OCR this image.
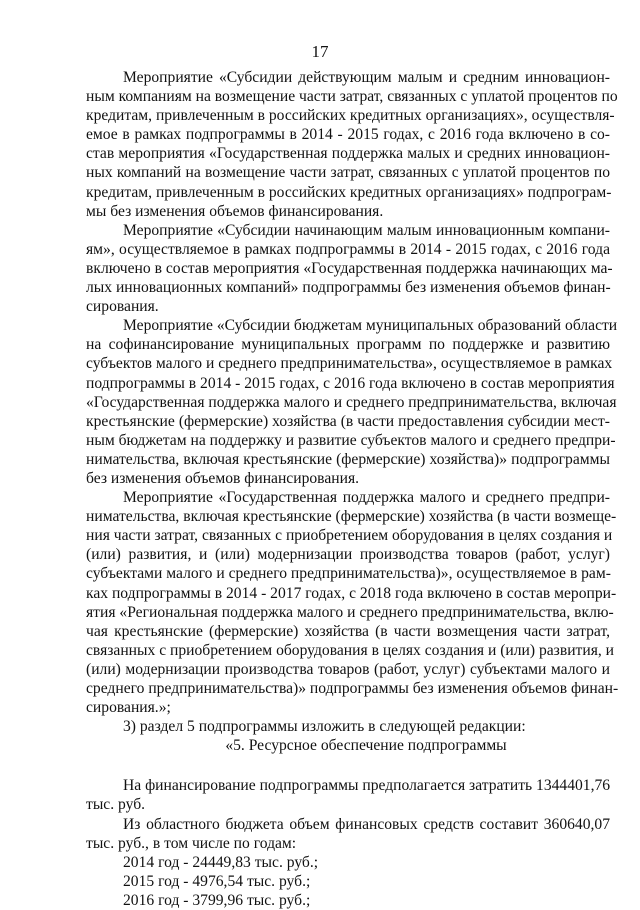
17
Мероприятие «Субсидии действующим малым и средним инновацион-
ным компаниям на возмещение части затрат, связанных с уплатой процентов по
кредитам, привлеченным в российских кредитных организациях», осуществля-
емое в рамках подпрограммы в 2014 - 2015 годах, с 2016 года включено в со-
став мероприятия «Государственная поддержка малых и средних инновацион-
ных компаний на возмещение части затрат, связанных с уплатой процентов по
кредитам, привлеченным в российских кредитных организациях» подпрограм-
мы без изменения объемов финансирования.
Мероприятие «Субсидии начинающим малым инновационным компани-
ям», осуществляемое в рамках подпрограммы в 2014 - 2015 годах, с 2016 года
включено в состав мероприятия «Государственная поддержка начинающих ма-
лых инновационных компаний» подпрограммы без изменения объемов финан-
сирования.
Мероприятие «Субсидии бюджетам муниципальных образований области
на софинансирование муниципальных программ по поддержке и развитию
субъектов малого и среднего предпринимательства», осуществляемое в рамках
подпрограммы в 2014 - 2015 годах, с 2016 года включено в состав мероприятия
«Государственная поддержка малого и среднего предпринимательства, включая
крестьянские (фермерские) хозяйства (в части предоставления субсидии мест-
ным бюджетам на поддержку и развитие субъектов малого и среднего предпри-
нимательства, включая крестьянские (фермерские) хозяйства)» подпрограммы
без изменения объемов финансирования.
Мероприятие «Государственная поддержка малого и среднего предпри-
нимательства, включая крестьянские (фермерские) хозяйства (в части возмеще-
ния части затрат, связанных с приобретением оборудования в целях создания и
(или) развития, и (или) модернизации производства товаров (работ, услуг)
субъектами малого и среднего предпринимательства)», осуществляемое в рам-
ках подпрограммы в 2014 - 2017 годах, с 2018 года включено в состав меропри-
ятия «Региональная поддержка малого и среднего предпринимательства, вклю-
чая крестьянские (фермерские) хозяйства (в части возмещения части затрат,
связанных с приобретением оборудования в целях создания и (или) развития, и
(или) модернизации производства товаров (работ, услуг) субъектами малого и
среднего предпринимательства)» подпрограммы без изменения объемов финан-
сирования.»;
3) раздел 5 подпрограммы изложить в следующей редакции:
«5. Ресурсное обеспечение подпрограммы
На финансирование подпрограммы предполагается затратить 1344401,76
тыс. руб.
Из областного бюджета объем финансовых средств составит 360640,07
тыс. руб., в том числе по годам:
2014 год - 24449,83 тыс. руб.;
2015 год - 4976,54 тыс. руб.;
2016 год - 3799,96 тыс. руб.;
